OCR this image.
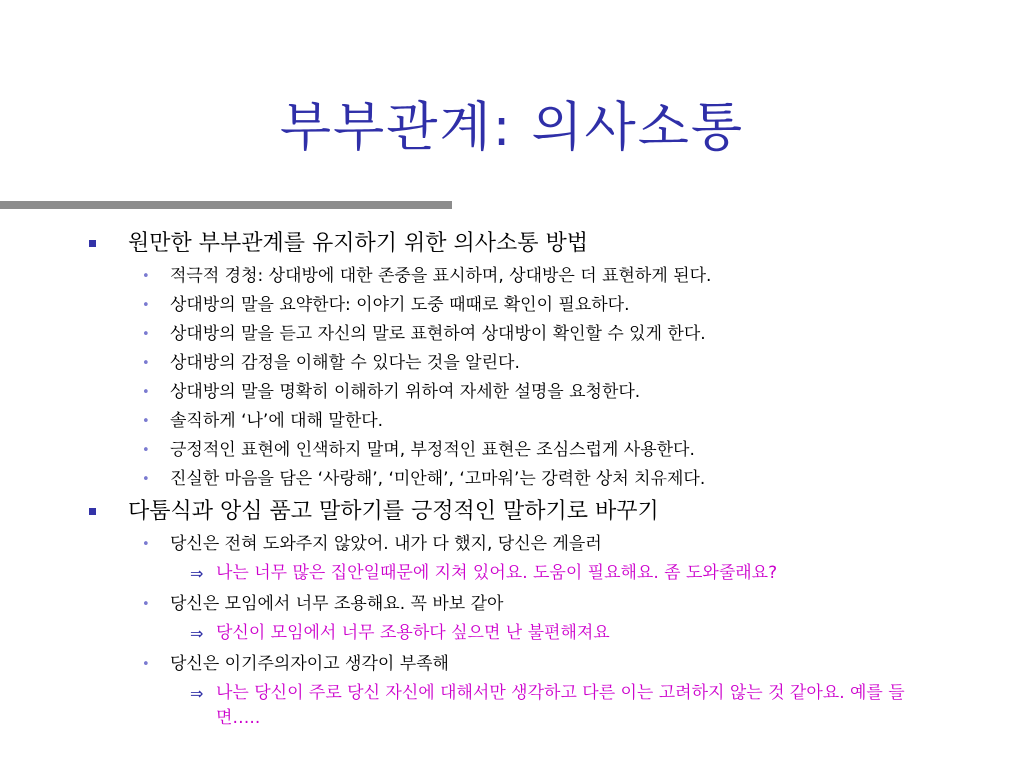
부부관계: 의사소통
원만한 부부관계를 유지하기 위한 의사소통 방법
• 적극적 경청: 상대방에 대한 존중을 표시하며, 상대방은 더 표현하게 된다.
• 상대방의 말을 요약한다: 이야기 도중 때때로 확인이 필요하다.
• 상대방의 말을 듣고 자신의 말로 표현하여 상대방이 확인할 수 있게 한다.
• 상대방의 감정을 이해할 수 있다는 것을 알린다.
• 상대방의 말을 명확히 이해하기 위하여 자세한 설명을 요청한다.
• 솔직하게 ‘나’에 대해 말한다.
• 긍정적인 표현에 인색하지 말며, 부정적인 표현은 조심스럽게 사용한다.
• 진실한 마음을 담은 ‘사랑해’, ‘미안해’, ‘고마워’는 강력한 상처 치유제다.
다툼식과 앙심 품고 말하기를 긍정적인 말하기로 바꾸기
• 당신은 전혀 도와주지 않았어. 내가 다 했지, 당신은 게을러
⇒ 나는 너무 많은 집안일때문에 지쳐 있어요. 도움이 필요해요. 좀 도와줄래요?
• 당신은 모임에서 너무 조용해요. 꼭 바보 같아
⇒ 당신이 모임에서 너무 조용하다 싶으면 난 불편해져요
• 당신은 이기주의자이고 생각이 부족해
⇒ 나는 당신이 주로 당신 자신에 대해서만 생각하고 다른 이는 고려하지 않는 것 같아요. 예를 들면…..
